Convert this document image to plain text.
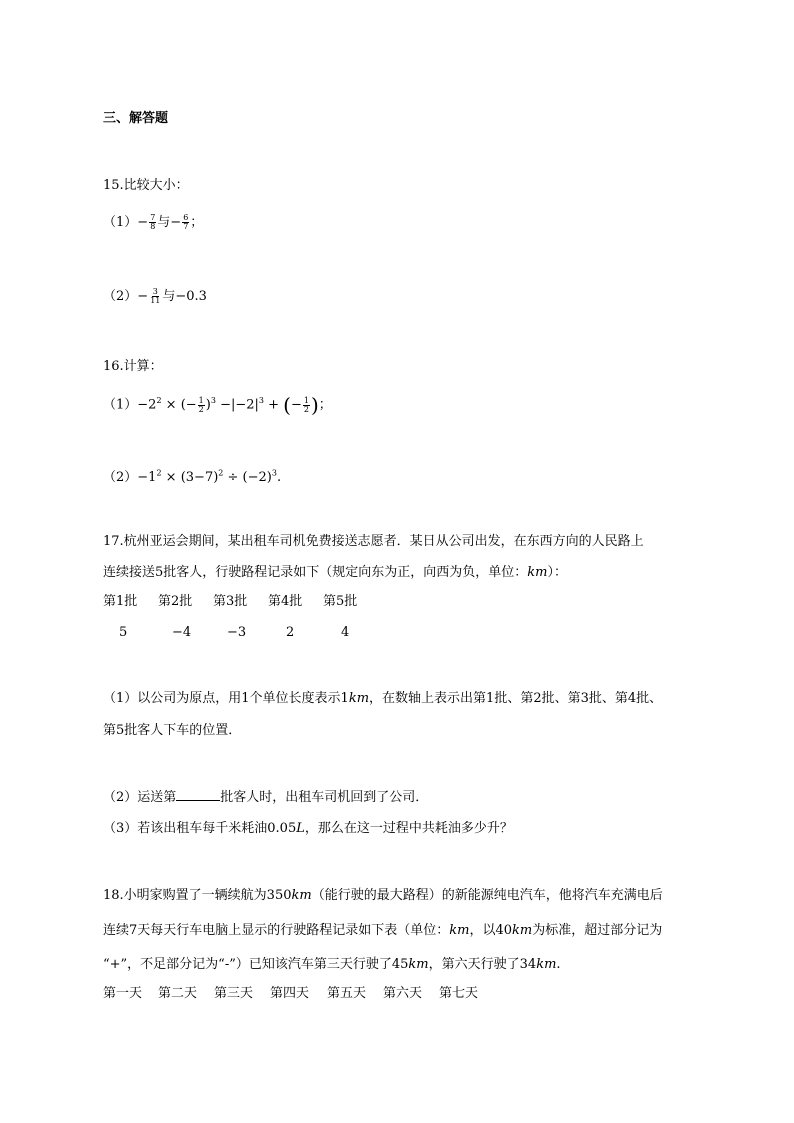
三、解答题
15.比较大小：
$(1)- \frac{7}{8}$ 与− $\frac{6}{7}$ ；
$(2)- \frac{3}{11}$ 与−0.3
16.计算：
$(1)-2^2$ × (− $\frac{1}{2} )^3 -|-2|^3$ + (− $\frac{1}{2}$ )；
$(2)-1^2 \times (3-7)^2 \div (-2)^3$.
17.杭州亚运会期间，某出租车司机免费接送志愿者．某日从公司出发，在东西方向的人民路上
连续接送5批客人，行驶路程记录如下（规定向东为正，向西为负，单位：km）：
第1批 第2批 第3批 第4批 第5批
5	−4	−3	2	4
（1）以公司为原点，用1个单位长度表示1km，在数轴上表示出第1批、第2批、第3批、第4批、
第5批客人下车的位置．
（2）运送第	批客人时，出租车司机回到了公司．
（3）若该出租车每千米耗油0.05L，那么在这一过程中共耗油多少升？
18.小明家购置了一辆续航为350km（能行驶的最大路程）的新能源纯电汽车，他将汽车充满电后
连续7天每天行车电脑上显示的行驶路程记录如下表（单位：km，以40km为标准，超过部分记为
“+”，不足部分记为“-”）已知该汽车第三天行驶了45km，第六天行驶了34km.
第一天 第二天 第三天 第四天 第五天 第六天 第七天
